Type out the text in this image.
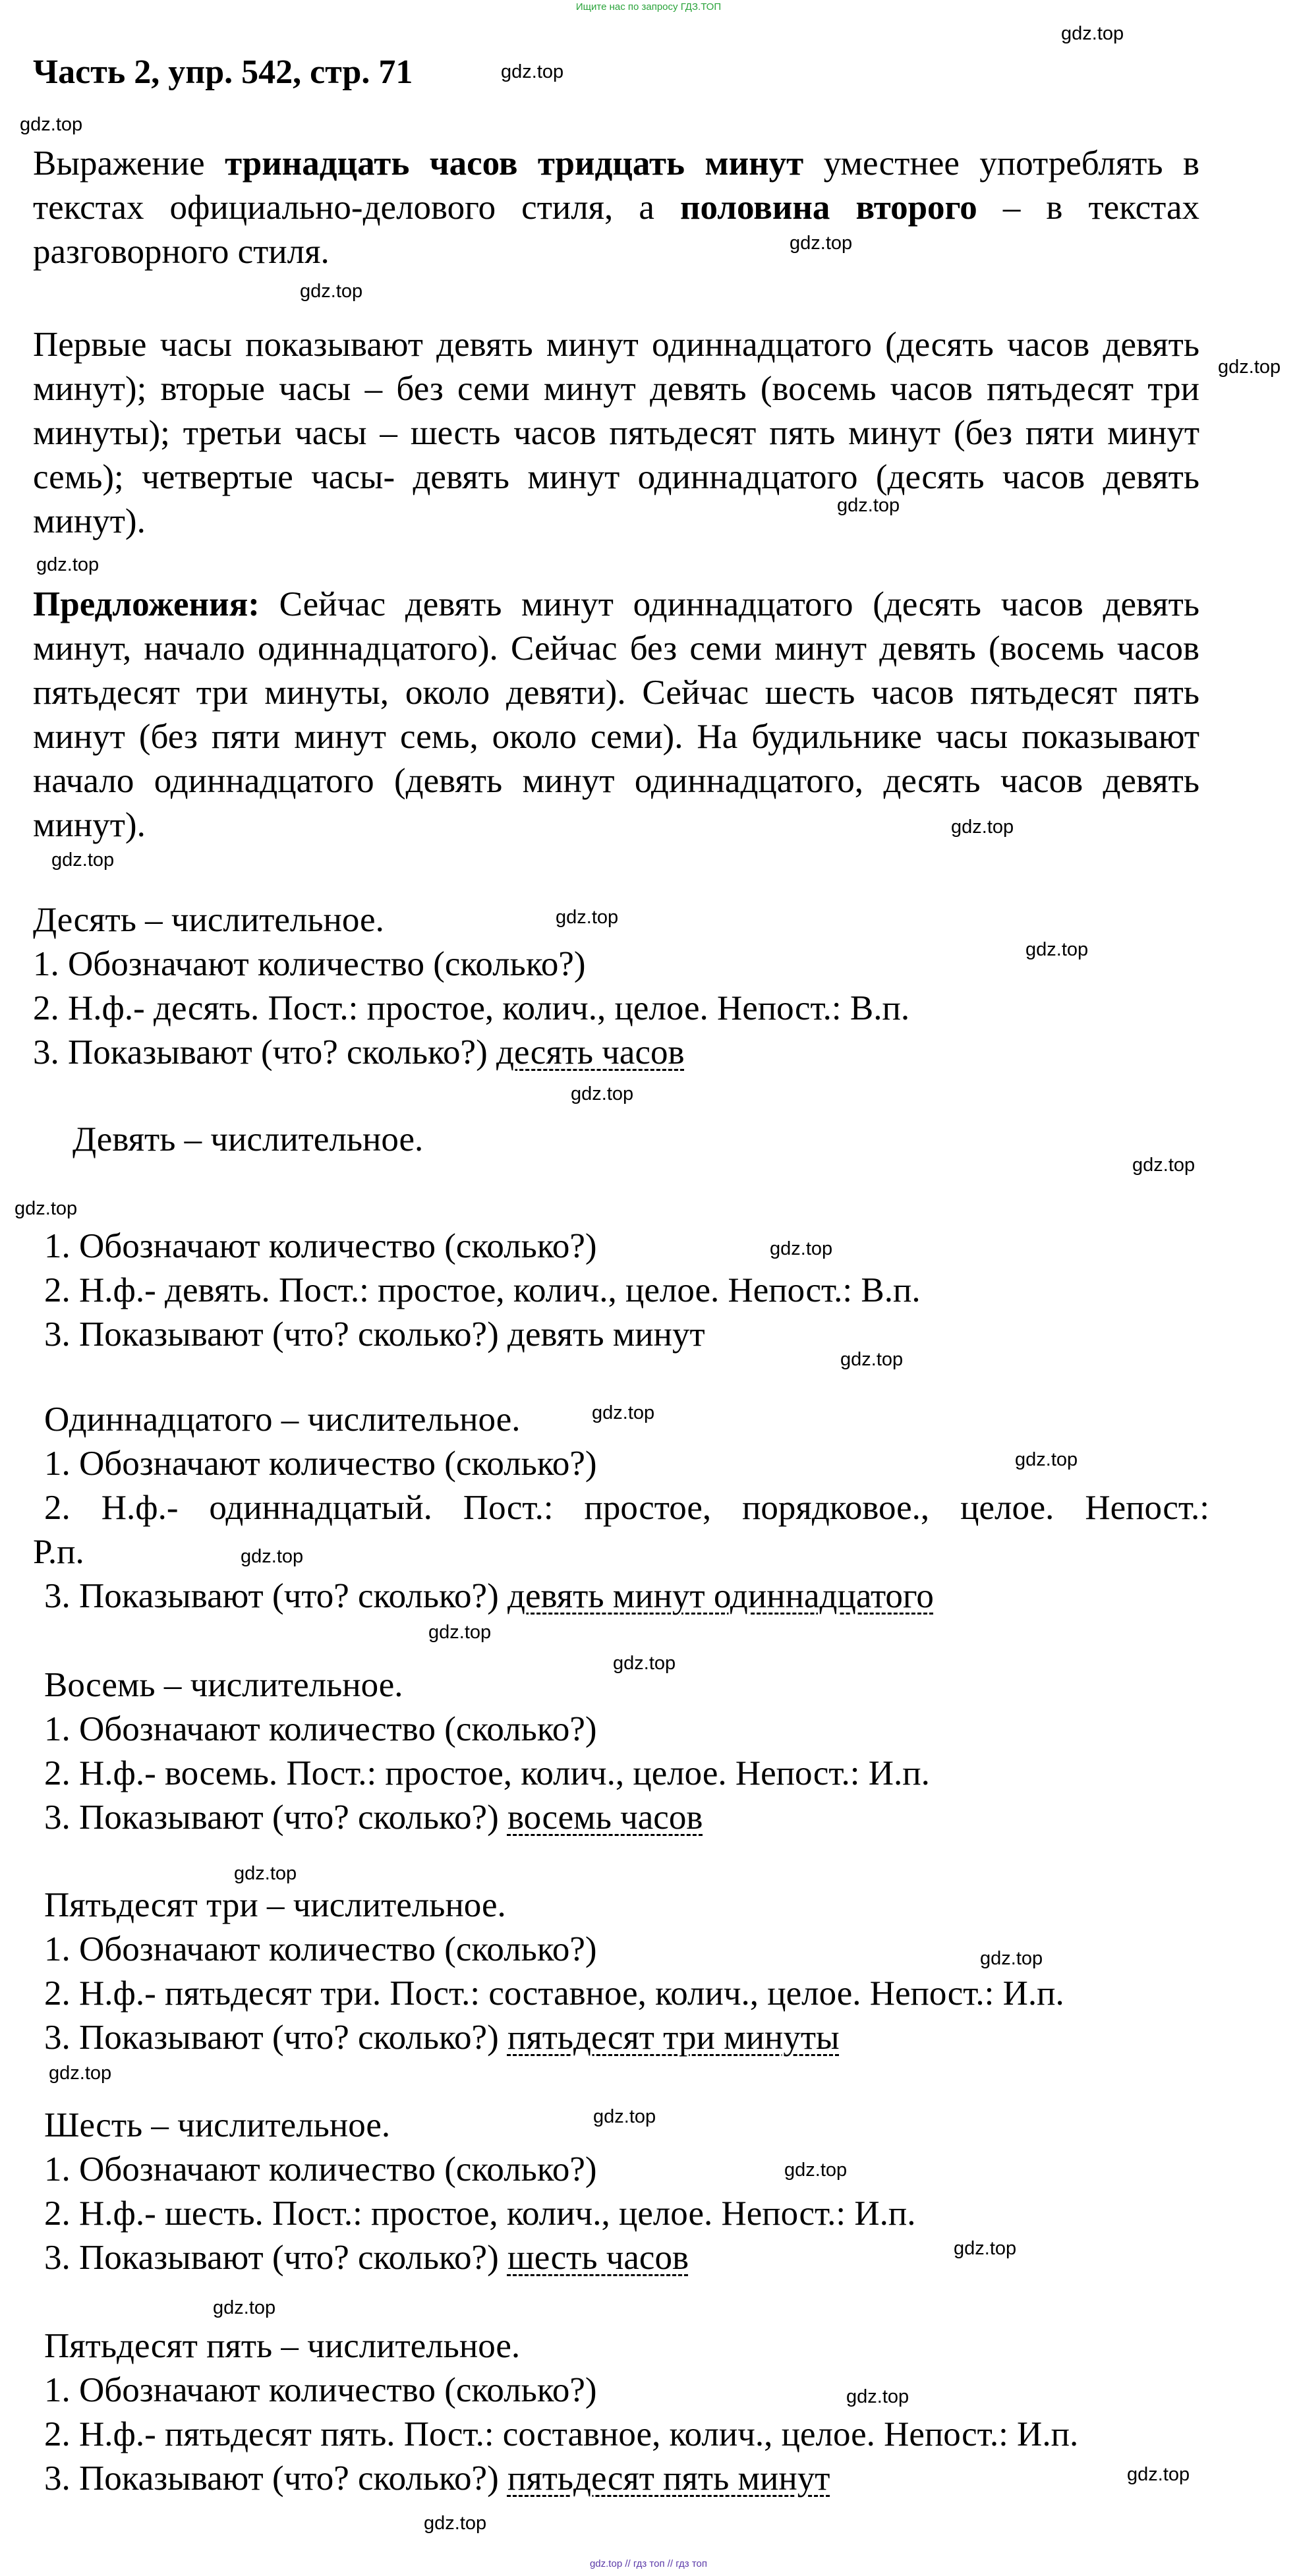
Ищите нас по запросу ГДЗ.ТОП
gdz.top
gdz.top
gdz.top
gdz.top
gdz.top
gdz.top
gdz.top
gdz.top
gdz.top
gdz.top
gdz.top
gdz.top
gdz.top
gdz.top
gdz.top
gdz.top
gdz.top
gdz.top
gdz.top
gdz.top
gdz.top
gdz.top
gdz.top
gdz.top
gdz.top
gdz.top
gdz.top
gdz.top
gdz.top
gdz.top
gdz.top
gdz.top
Часть 2, упр. 542, стр. 71

Выражение тринадцать часов тридцать минут уместнее употреблять в текстах официально-делового стиля, а половина второго – в текстах разговорного стиля.

Первые часы показывают девять минут одиннадцатого (десять часов девять минут); вторые часы – без семи минут девять (восемь часов пятьдесят три минуты); третьи часы – шесть часов пятьдесят пять минут (без пяти минут семь); четвертые часы- девять минут одиннадцатого (десять часов девять минут).

Предложения: Сейчас девять минут одиннадцатого (десять часов девять минут, начало одиннадцатого). Сейчас без семи минут девять (восемь часов пятьдесят три минуты, около девяти). Сейчас шесть часов пятьдесят пять минут (без пяти минут семь, около семи). На будильнике часы показывают начало одиннадцатого (девять минут одиннадцатого, десять часов девять минут).

Десять – числительное.
1. Обозначают количество (сколько?)
2. Н.ф.- десять. Пост.: простое, колич., целое. Непост.: В.п.
3. Показывают (что? сколько?) десять часов
Девять – числительное.
1. Обозначают количество (сколько?)
2. Н.ф.- девять. Пост.: простое, колич., целое. Непост.: В.п.
3. Показывают (что? сколько?) девять минут
Одиннадцатого – числительное.
1. Обозначают количество (сколько?)
2. Н.ф.- одиннадцатый. Пост.: простое, порядковое., целое. Непост.:
Р.п.
3. Показывают (что? сколько?) девять минут одиннадцатого
Восемь – числительное.
1. Обозначают количество (сколько?)
2. Н.ф.- восемь. Пост.: простое, колич., целое. Непост.: И.п.
3. Показывают (что? сколько?) восемь часов
Пятьдесят три – числительное.
1. Обозначают количество (сколько?)
2. Н.ф.- пятьдесят три. Пост.: составное, колич., целое. Непост.: И.п.
3. Показывают (что? сколько?) пятьдесят три минуты
Шесть – числительное.
1. Обозначают количество (сколько?)
2. Н.ф.- шесть. Пост.: простое, колич., целое. Непост.: И.п.
3. Показывают (что? сколько?) шесть часов
Пятьдесят пять – числительное.
1. Обозначают количество (сколько?)
2. Н.ф.- пятьдесят пять. Пост.: составное, колич., целое. Непост.: И.п.
3. Показывают (что? сколько?) пятьдесят пять минут
gdz.top // гдз топ // гдз топ
